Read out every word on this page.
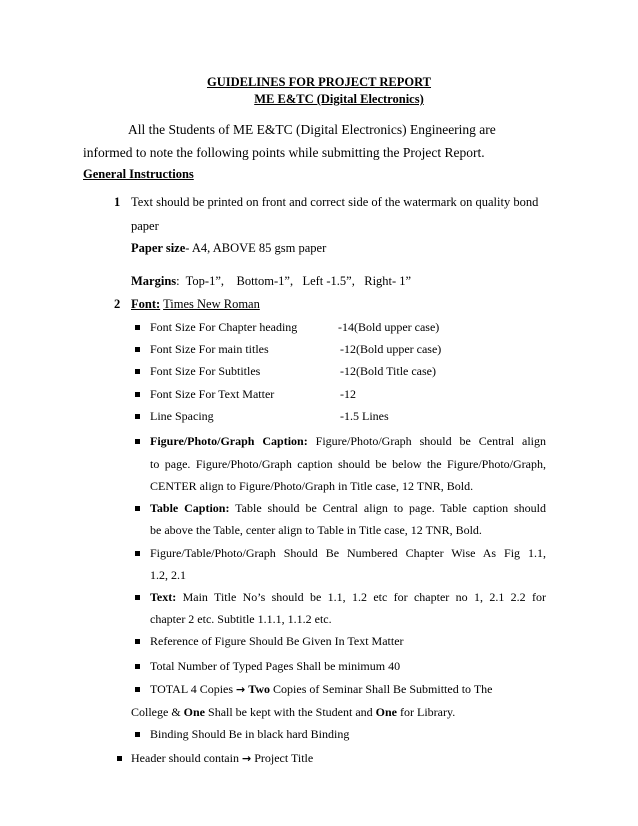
GUIDELINES FOR PROJECT REPORT
ME E&TC (Digital Electronics)
All the Students of ME E&TC (Digital Electronics) Engineering are
informed to note the following points while submitting the Project Report.
General Instructions
1 Text should be printed on front and correct side of the watermark on quality bond
paper
Paper size- A4, ABOVE 85 gsm paper
Margins:  Top-1”,    Bottom-1”,   Left -1.5”,   Right- 1”
2 Font: Times New Roman
Font Size For Chapter heading	-14(Bold upper case)
Font Size For main titles	-12(Bold upper case)
Font Size For Subtitles	-12(Bold Title case)
Font Size For Text Matter	-12
Line Spacing	-1.5 Lines
Figure/Photo/Graph Caption: Figure/Photo/Graph should be Central align
to page. Figure/Photo/Graph caption should be below the Figure/Photo/Graph,
CENTER align to Figure/Photo/Graph in Title case, 12 TNR, Bold.
Table Caption: Table should be Central align to page. Table caption should
be above the Table, center align to Table in Title case, 12 TNR, Bold.
Figure/Table/Photo/Graph Should Be Numbered Chapter Wise As Fig 1.1,
1.2, 2.1
Text: Main Title No’s should be 1.1, 1.2 etc for chapter no 1, 2.1 2.2 for
chapter 2 etc. Subtitle 1.1.1, 1.1.2 etc.
Reference of Figure Should Be Given In Text Matter
Total Number of Typed Pages Shall be minimum 40
TOTAL 4 Copies → Two Copies of Seminar Shall Be Submitted to The
College & One Shall be kept with the Student and One for Library.
Binding Should Be in black hard Binding
Header should contain → Project Title
